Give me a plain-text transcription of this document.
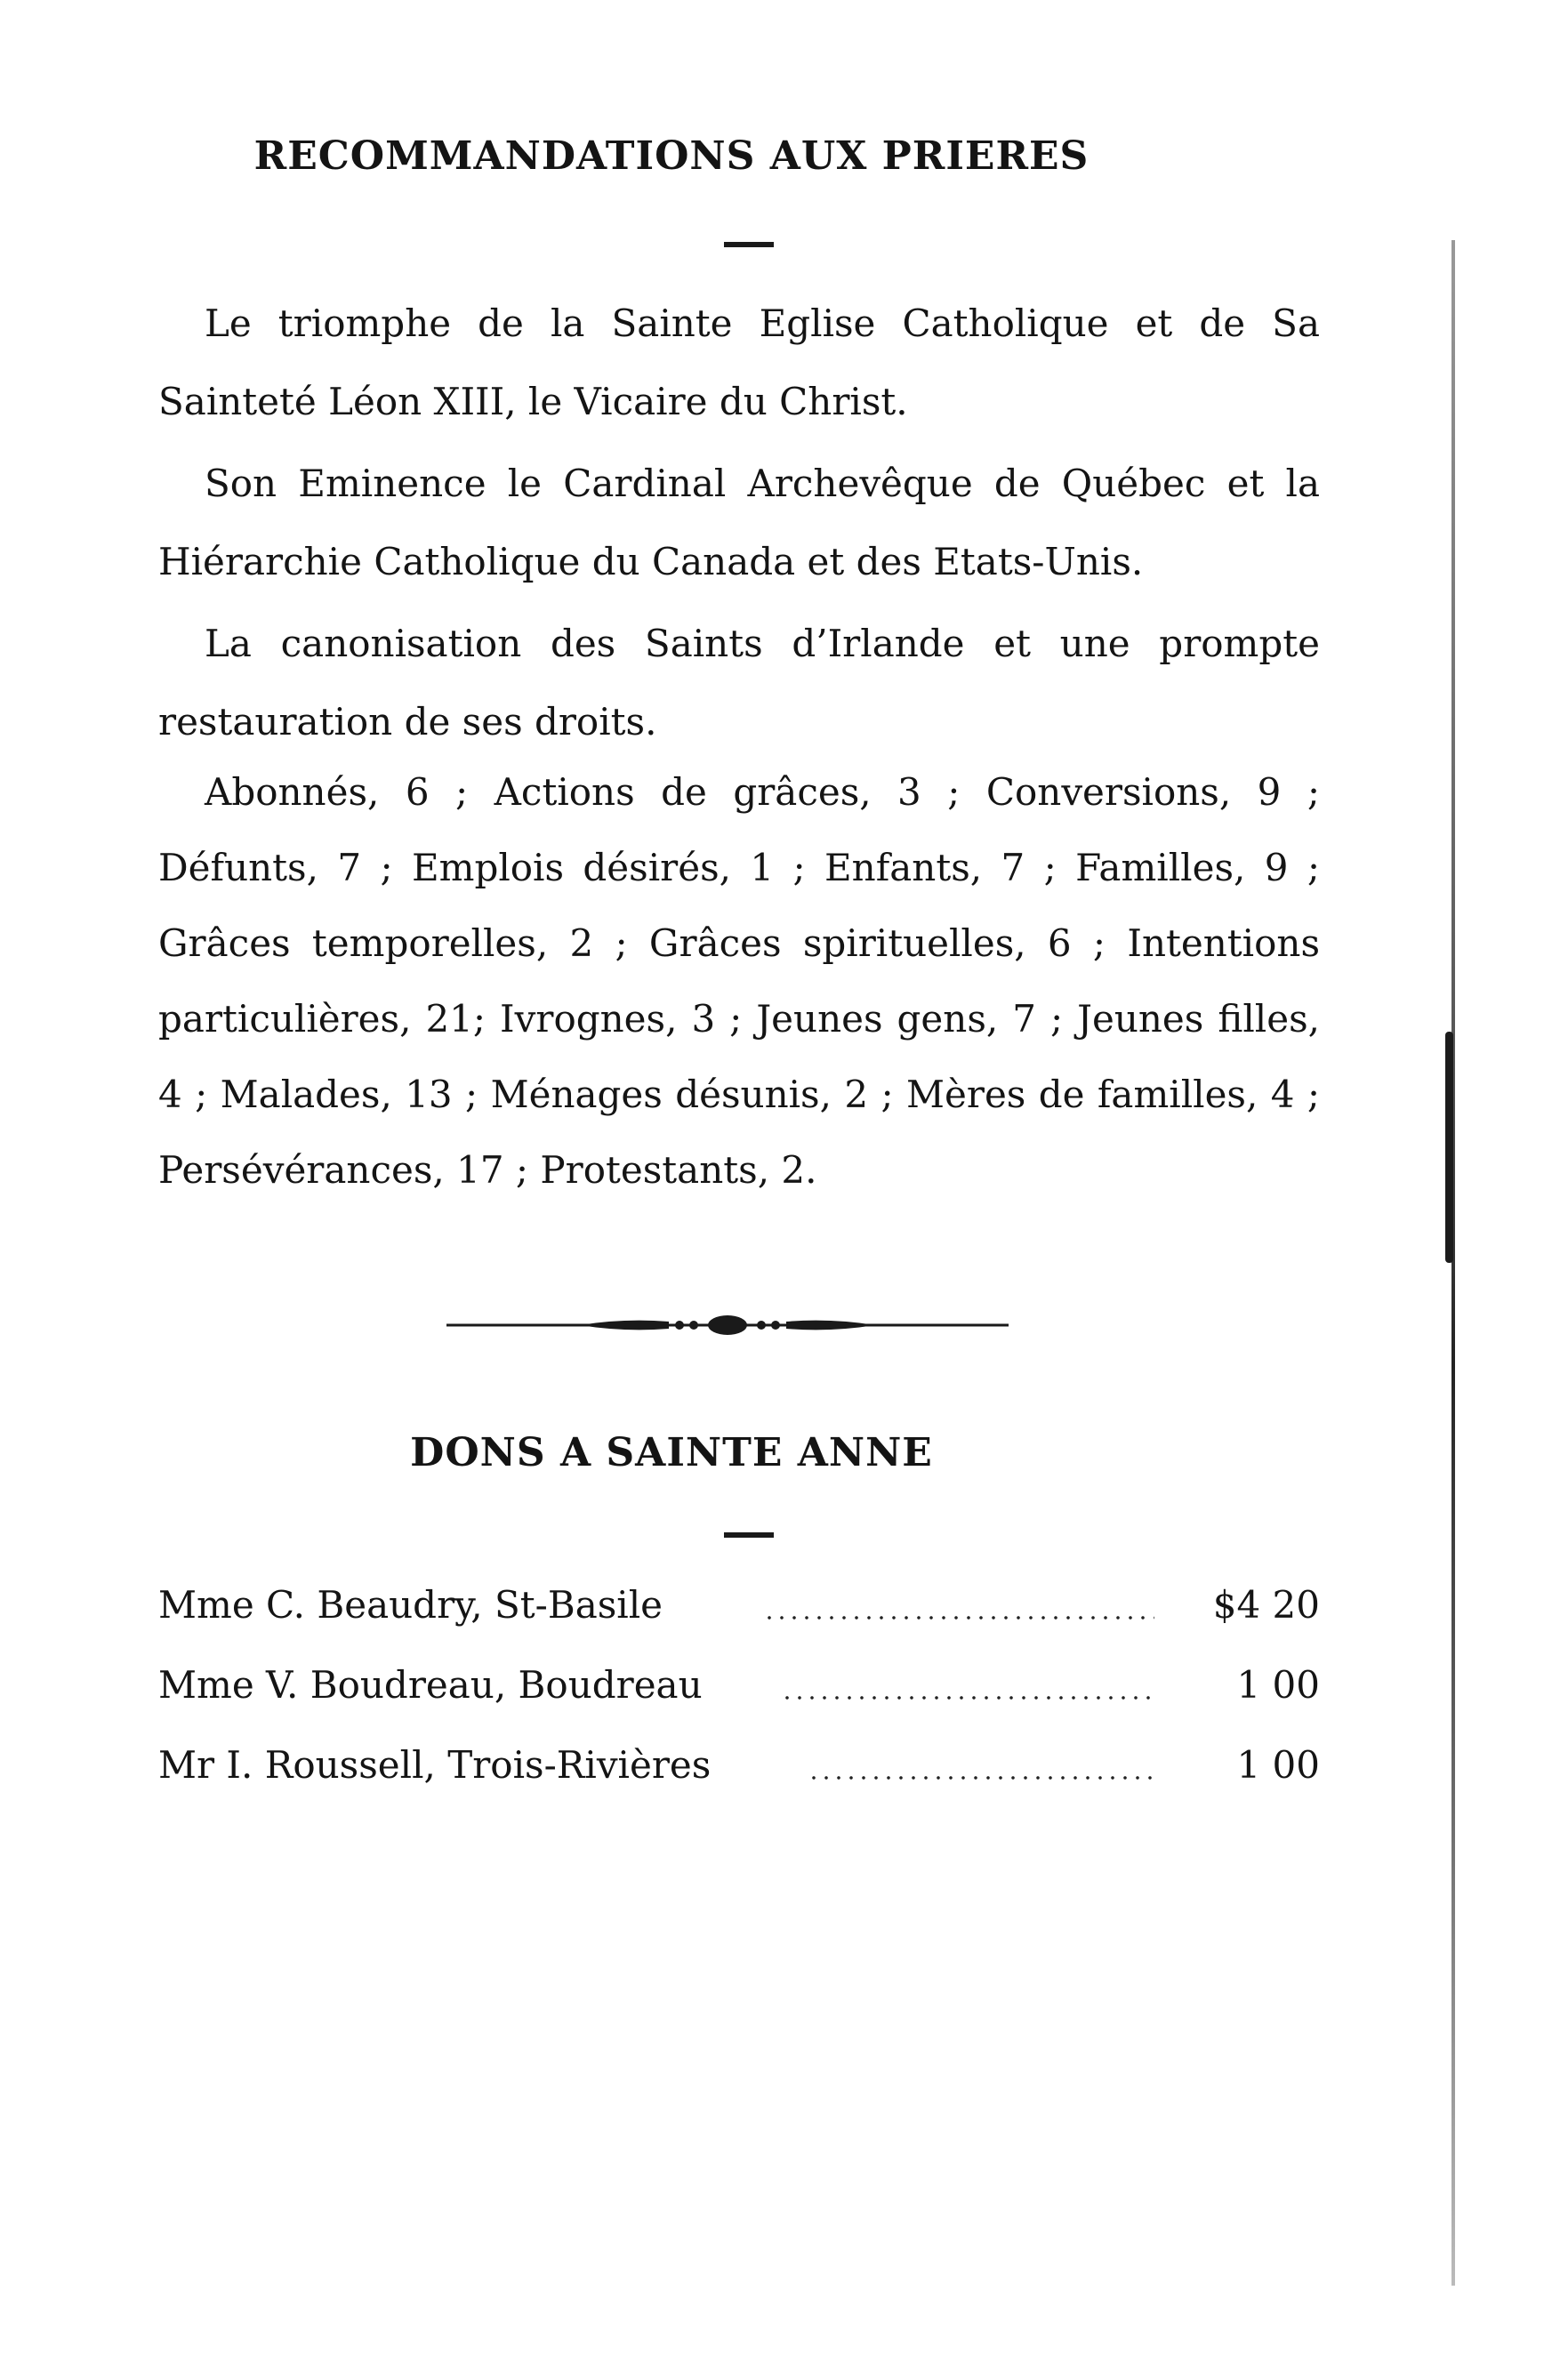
RECOMMANDATIONS AUX PRIERES

Le triomphe de la Sainte Eglise Catholique et de Sa Sainteté Léon XIII, le Vicaire du Christ.

Son Eminence le Cardinal Archevêque de Québec et la Hiérarchie Catholique du Canada et des Etats-Unis.

La canonisation des Saints d’Irlande et une prompte restauration de ses droits.

Abonnés, 6 ; Actions de grâces, 3 ; Conversions, 9 ; Défunts, 7 ; Emplois désirés, 1 ; Enfants, 7 ; Familles, 9 ; Grâces temporelles, 2 ; Grâces spirituelles, 6 ; Intentions particulières, 21; Ivrognes, 3 ; Jeunes gens, 7 ; Jeunes filles, 4 ; Malades, 13 ; Ménages désunis, 2 ; Mères de familles, 4 ; Persévérances, 17 ; Protestants, 2.

DONS A SAINTE ANNE
Mme C. Beaudry, St-Basile	$4 20
Mme V. Boudreau, Boudreau	1 00
Mr I. Roussell, Trois-Rivières	1 00
